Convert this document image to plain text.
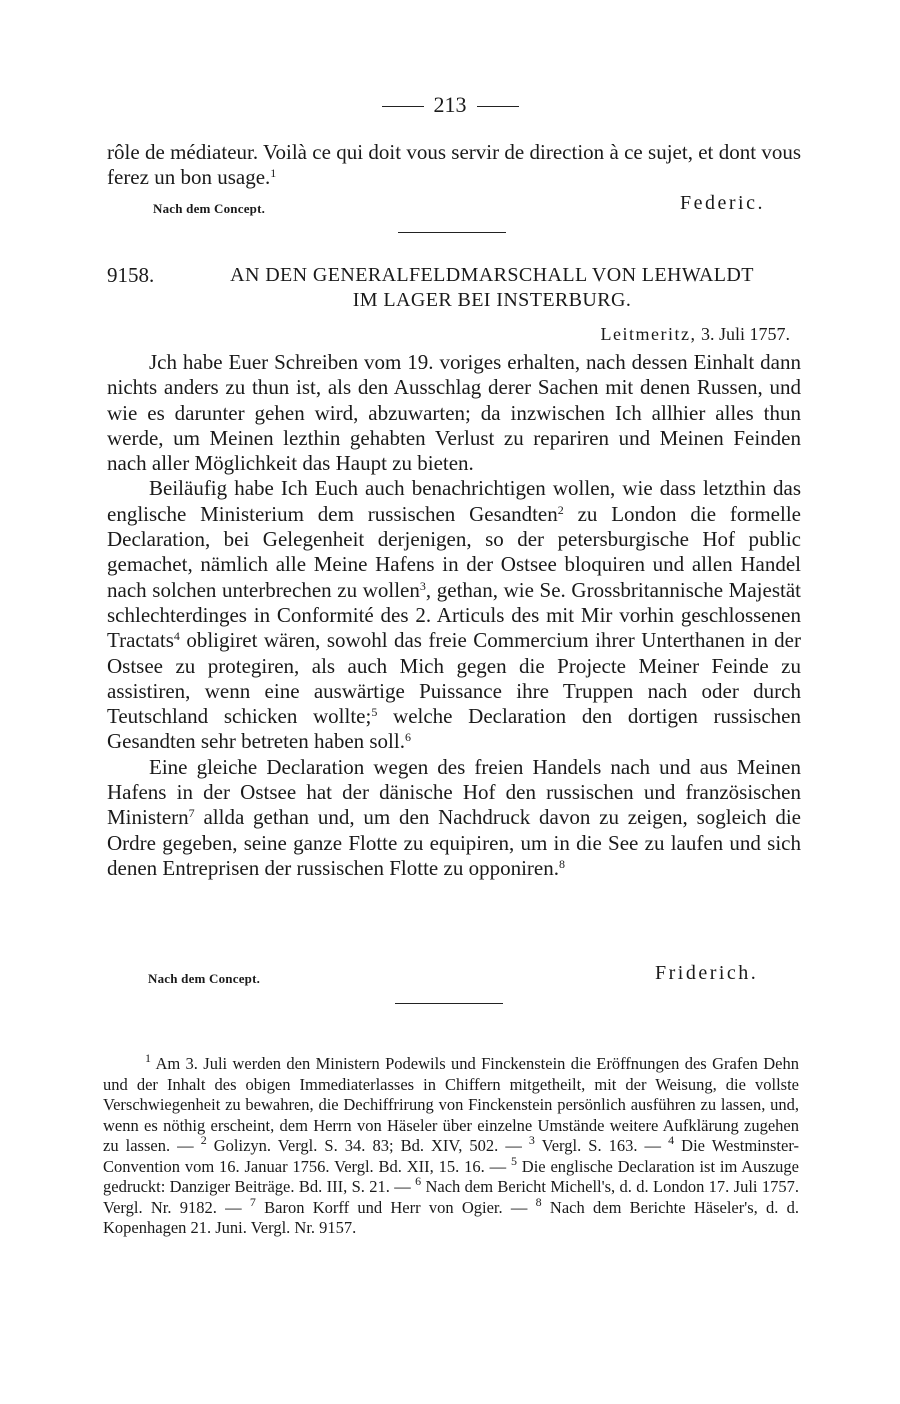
213
rôle de médiateur. Voilà ce qui doit vous servir de direction à ce sujet, et dont vous ferez un bon usage.$^1$
Nach dem Concept.	Federic.
9158.	AN DEN GENERALFELDMARSCHALL VON LEHWALDT
IM LAGER BEI INSTERBURG.
Leitmeritz, 3. Juli 1757.

Jch habe Euer Schreiben vom 19. voriges erhalten, nach dessen Einhalt dann nichts anders zu thun ist, als den Ausschlag derer Sachen mit denen Russen, und wie es darunter gehen wird, abzuwarten; da inzwischen Ich allhier alles thun werde, um Meinen lezthin gehabten Verlust zu repariren und Meinen Feinden nach aller Möglichkeit das Haupt zu bieten.

Beiläufig habe Ich Euch auch benachrichtigen wollen, wie dass letzthin das englische Ministerium dem russischen Gesandten$^2$ zu London die formelle Declaration, bei Gelegenheit derjenigen, so der petersburgische Hof public gemachet, nämlich alle Meine Hafens in der Ostsee bloquiren und allen Handel nach solchen unterbrechen zu wollen$^3$, gethan, wie Se. Grossbritannische Majestät schlechterdinges in Conformité des 2. Articuls des mit Mir vorhin geschlossenen Tractats$^4$ obligiret wären, sowohl das freie Commercium ihrer Unterthanen in der Ostsee zu protegiren, als auch Mich gegen die Projecte Meiner Feinde zu assistiren, wenn eine auswärtige Puissance ihre Truppen nach oder durch Teutschland schicken wollte;$^5$ welche Declaration den dortigen russischen Gesandten sehr betreten haben soll.$^6$

Eine gleiche Declaration wegen des freien Handels nach und aus Meinen Hafens in der Ostsee hat der dänische Hof den russischen und französischen Ministern$^7$ allda gethan und, um den Nachdruck davon zu zeigen, sogleich die Ordre gegeben, seine ganze Flotte zu equipiren, um in die See zu laufen und sich denen Entreprisen der russischen Flotte zu opponiren.$^8$

Nach dem Concept.	Friderich.
$^1$ Am 3. Juli werden den Ministern Podewils und Finckenstein die Eröffnungen des Grafen Dehn und der Inhalt des obigen Immediaterlasses in Chiffern mitgetheilt, mit der Weisung, die vollste Verschwiegenheit zu bewahren, die Dechiffrirung von Finckenstein persönlich ausführen zu lassen, und, wenn es nöthig erscheint, dem Herrn von Häseler über einzelne Umstände weitere Aufklärung zugehen zu lassen. — $^2$ Golizyn. Vergl. S. 34. 83; Bd. XIV, 502. — $^3$ Vergl. S. 163. — $^4$ Die Westminster-Convention vom 16. Januar 1756. Vergl. Bd. XII, 15. 16. — $^5$ Die englische Declaration ist im Auszuge gedruckt: Danziger Beiträge. Bd. III, S. 21. — $^6$ Nach dem Bericht Michell's, d. d. London 17. Juli 1757. Vergl. Nr. 9182. — $^7$ Baron Korff und Herr von Ogier. — $^8$ Nach dem Berichte Häseler's, d. d. Kopenhagen 21. Juni. Vergl. Nr. 9157.
